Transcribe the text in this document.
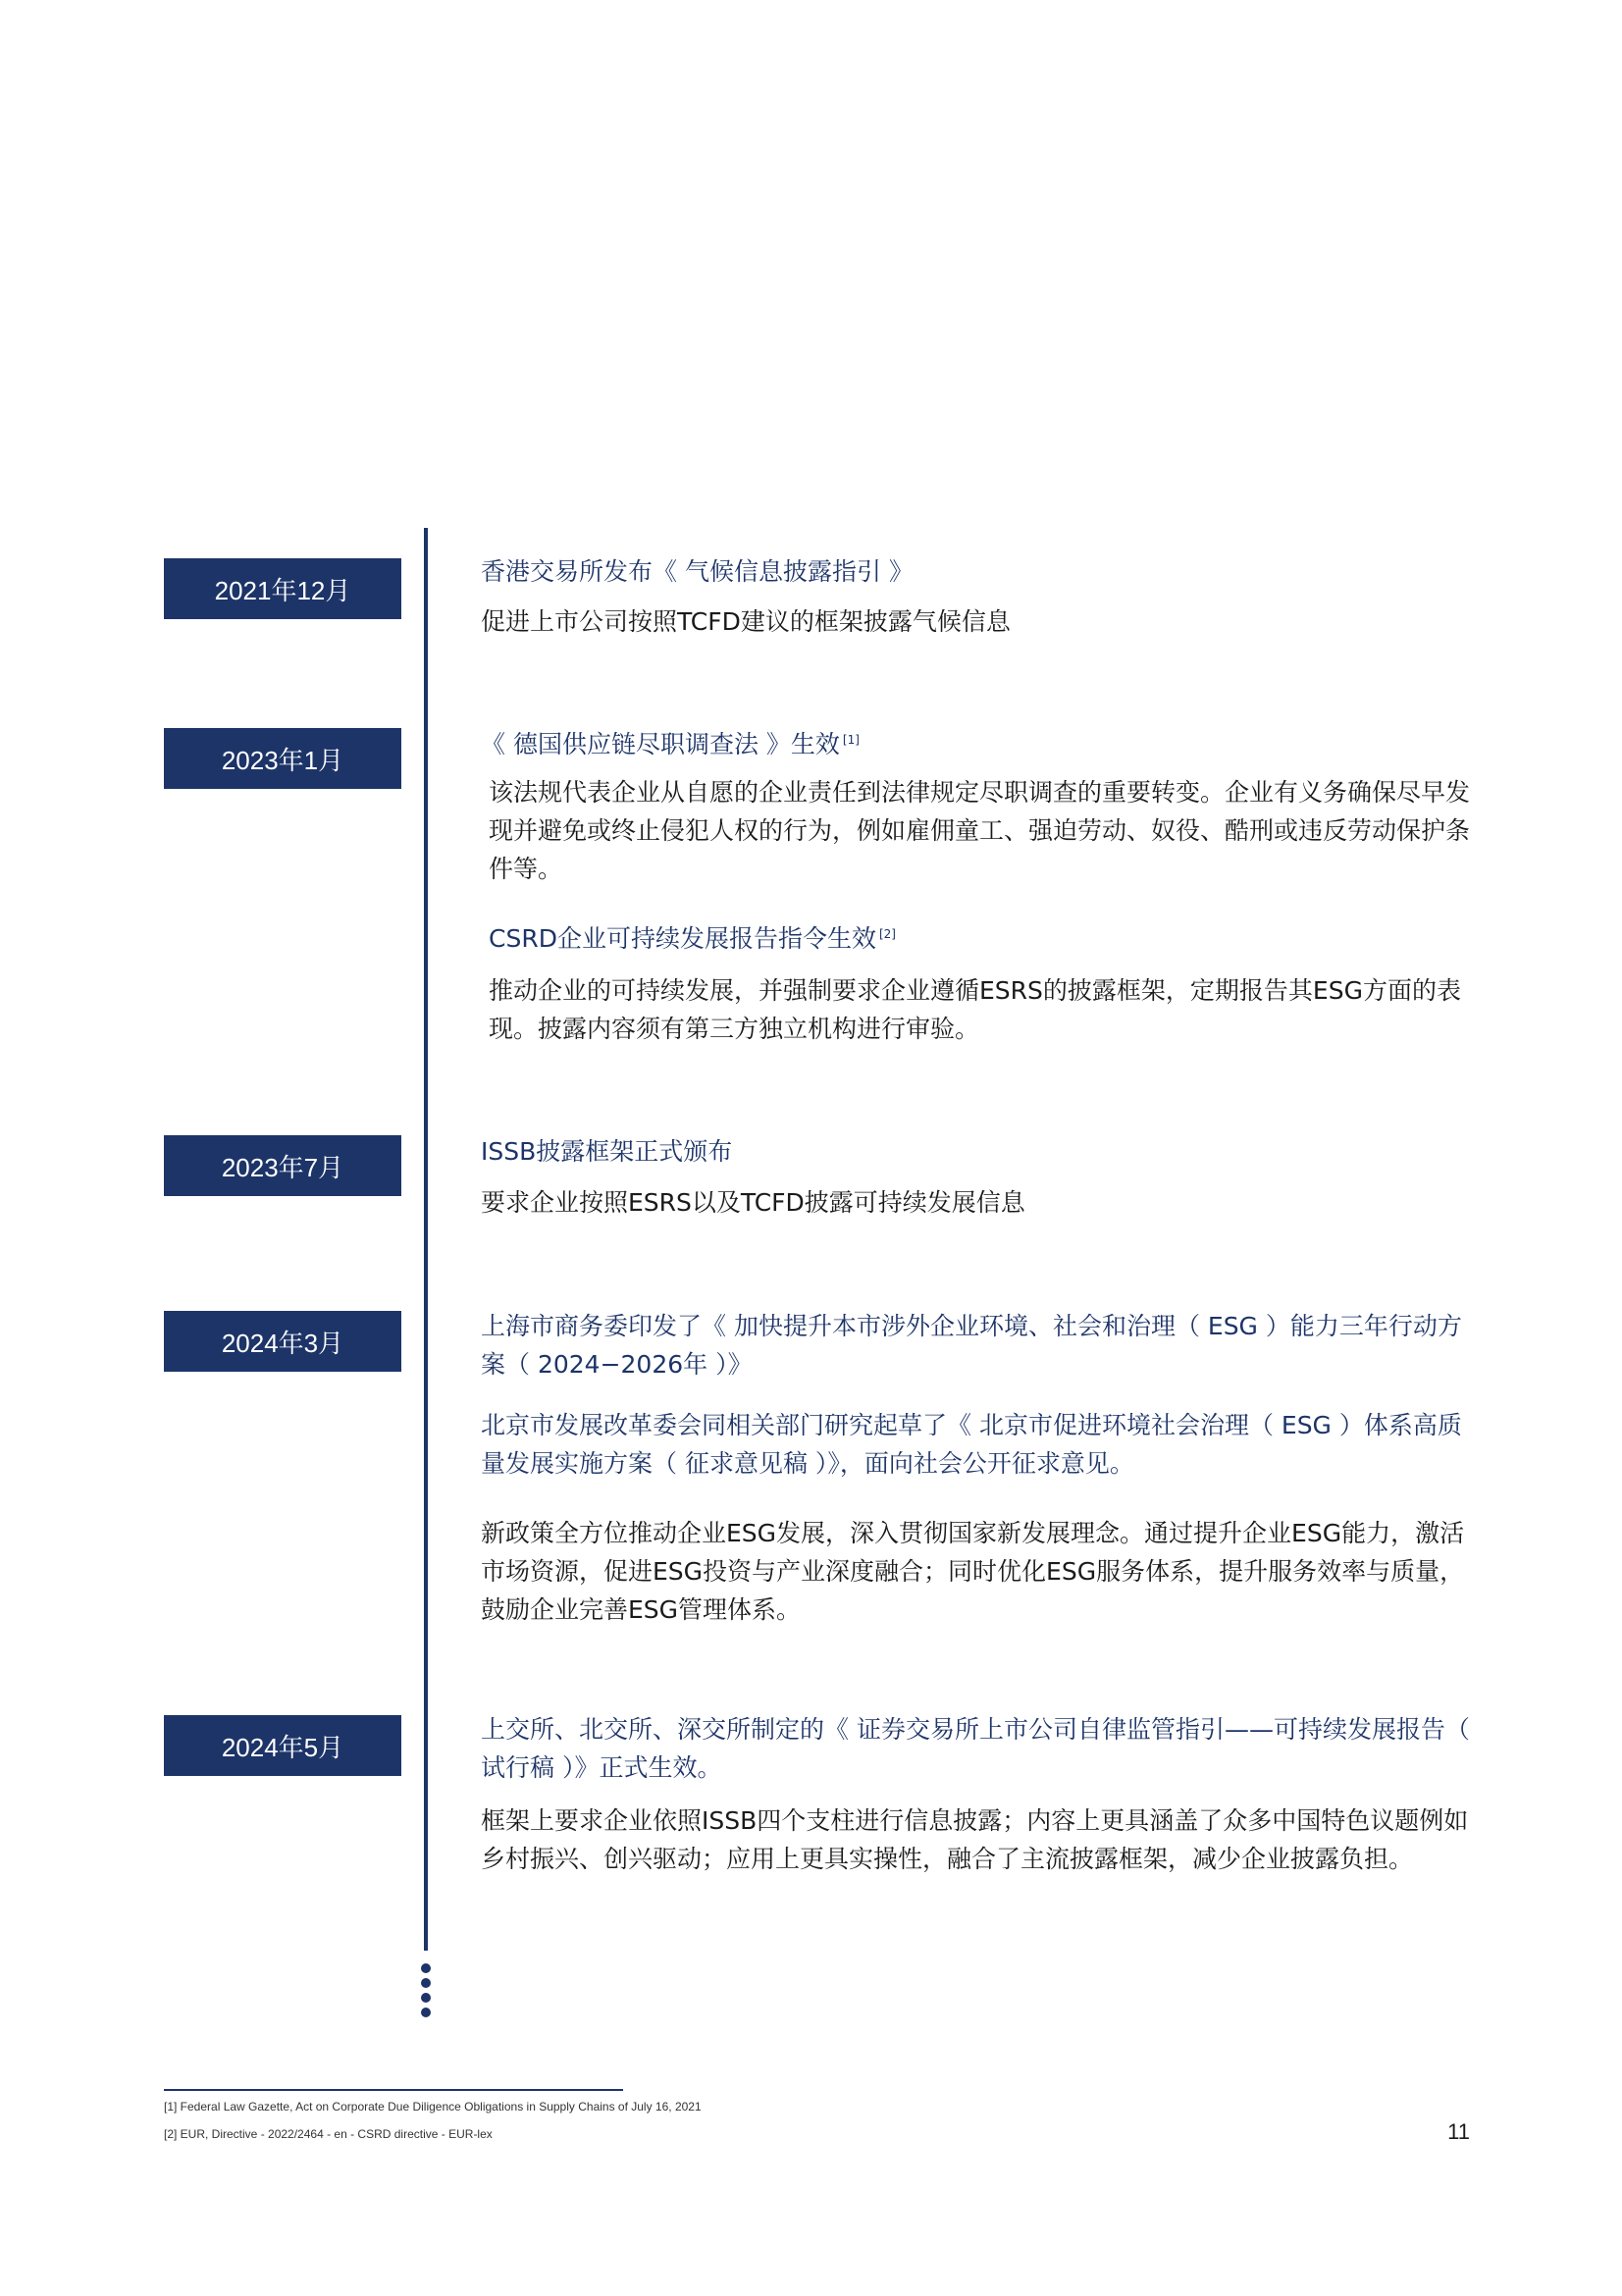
2021年12月
香港交易所发布《 气候信息披露指引 》
促进上市公司按照TCFD建议的框架披露气候信息
2023年1月
《 德国供应链尽职调查法 》生效 [1]
该法规代表企业从自愿的企业责任到法律规定尽职调查的重要转变。企业有义务确保尽早发现并避免或终止侵犯人权的行为，例如雇佣童工、强迫劳动、奴役、酷刑或违反劳动保护条件等。
CSRD企业可持续发展报告指令生效 [2]
推动企业的可持续发展，并强制要求企业遵循ESRS的披露框架，定期报告其ESG方面的表现。披露内容须有第三方独立机构进行审验。
2023年7月
ISSB披露框架正式颁布
要求企业按照ESRS以及TCFD披露可持续发展信息
2024年3月
上海市商务委印发了《 加快提升本市涉外企业环境、社会和治理（ ESG ）能力三年行动方案（ 2024−2026年 ）》
北京市发展改革委会同相关部门研究起草了《 北京市促进环境社会治理（ ESG ）体系高质量发展实施方案（ 征求意见稿 ）》，面向社会公开征求意见。
新政策全方位推动企业ESG发展，深入贯彻国家新发展理念。通过提升企业ESG能力，激活市场资源，促进ESG投资与产业深度融合；同时优化ESG服务体系，提升服务效率与质量，鼓励企业完善ESG管理体系。
2024年5月
上交所、北交所、深交所制定的《 证券交易所上市公司自律监管指引——可持续发展报告（ 试行稿 ）》正式生效。
框架上要求企业依照ISSB四个支柱进行信息披露；内容上更具涵盖了众多中国特色议题例如乡村振兴、创兴驱动；应用上更具实操性，融合了主流披露框架，减少企业披露负担。
[1] Federal Law Gazette, Act on Corporate Due Diligence Obligations in Supply Chains of July 16, 2021
[2] EUR, Directive - 2022/2464 - en - CSRD directive - EUR-lex	11
